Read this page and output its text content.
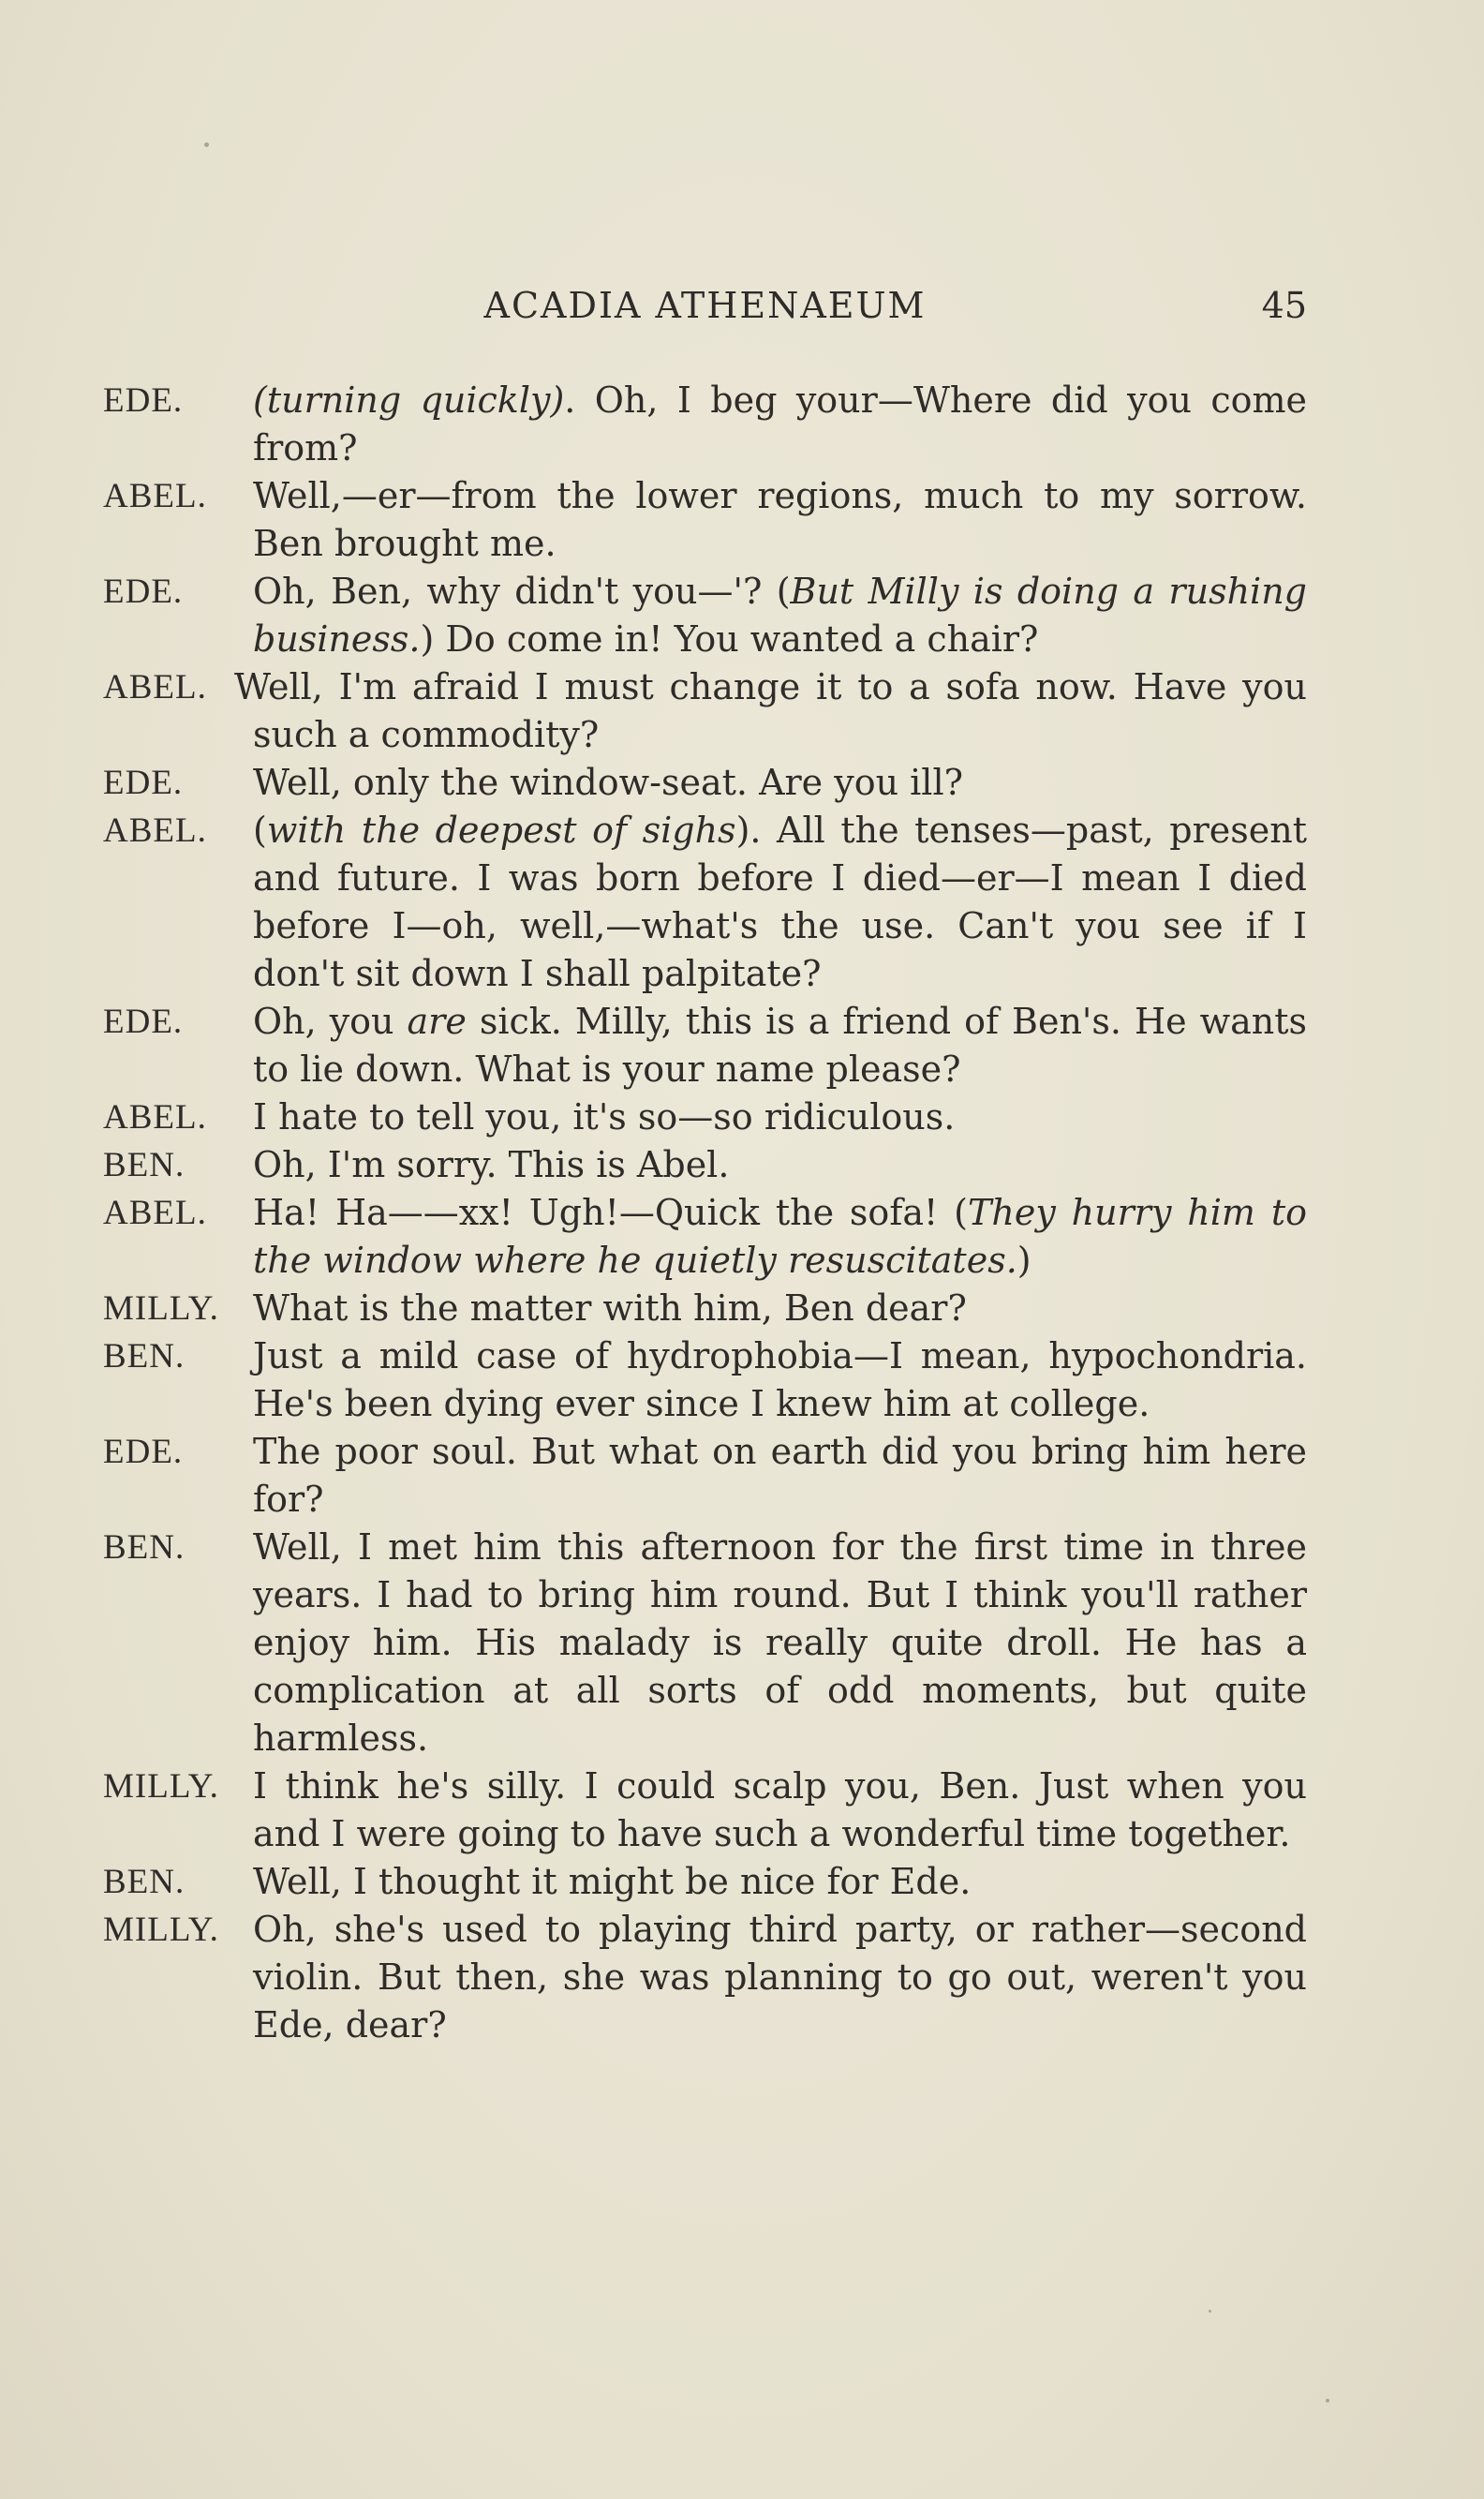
ACADIA ATHENAEUM	45
EDE.	(turning quickly). Oh, I beg your—Where did you come from?
ABEL.	Well,—er—from the lower regions, much to my sorrow. Ben brought me.
EDE.	Oh, Ben, why didn't you—'? (But Milly is doing a rushing business.) Do come in! You wanted a chair?
ABEL. Well, I'm afraid I must change it to a sofa now. Have you such a commodity?
EDE.	Well, only the window-seat. Are you ill?
ABEL.	(with the deepest of sighs). All the tenses—past, present and future. I was born before I died—er—I mean I died before I—oh, well,—what's the use. Can't you see if I don't sit down I shall palpitate?
EDE.	Oh, you are sick. Milly, this is a friend of Ben's. He wants to lie down. What is your name please?
ABEL.	I hate to tell you, it's so—so ridiculous.
BEN.	Oh, I'm sorry. This is Abel.
ABEL.	Ha! Ha——xx! Ugh!—Quick the sofa! (They hurry him to the window where he quietly resuscitates.)
MILLY. What is the matter with him, Ben dear?
BEN.	Just a mild case of hydrophobia—I mean, hypochondria. He's been dying ever since I knew him at college.
EDE.	The poor soul. But what on earth did you bring him here for?
BEN.	Well, I met him this afternoon for the first time in three years. I had to bring him round. But I think you'll rather enjoy him. His malady is really quite droll. He has a complication at all sorts of odd moments, but quite harmless.
MILLY. I think he's silly. I could scalp you, Ben. Just when you and I were going to have such a wonderful time together.
BEN.	Well, I thought it might be nice for Ede.
MILLY. Oh, she's used to playing third party, or rather—second violin. But then, she was planning to go out, weren't you Ede, dear?
